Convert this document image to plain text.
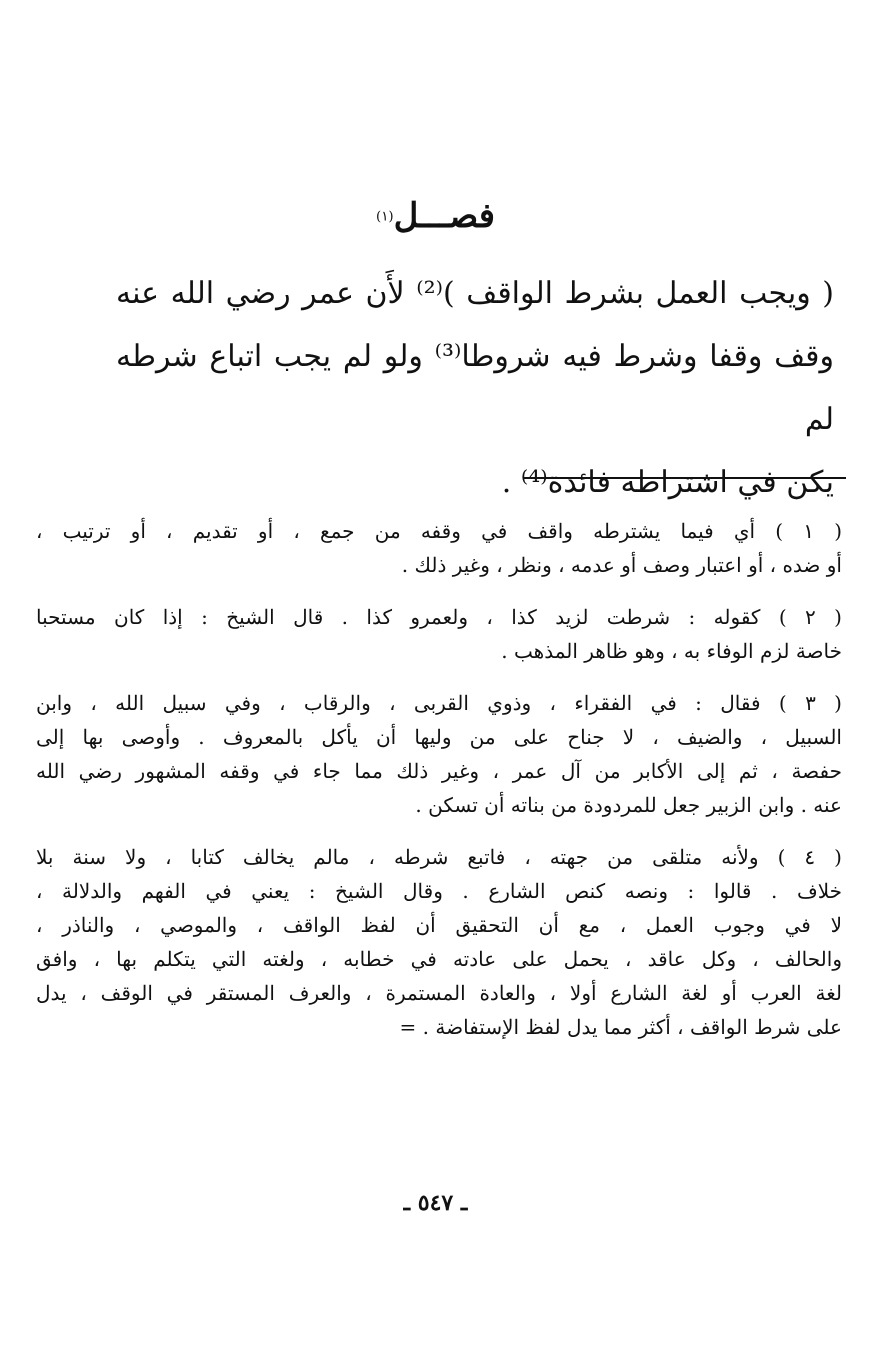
فصـــل$^{(١)}$
( ويجب العمل بشرط الواقف )⁽²⁾ لأَن عمر رضي الله عنه
وقف وقفا وشرط فيه شروطا⁽³⁾ ولو لم يجب اتباع شرطه لم
يكن في اشتراطه فائدة⁽⁴⁾ .
( ١ ) أي فيما يشترطه واقف في وقفه من جمع ، أو تقديم ، أو ترتيب ،
أو ضده ، أو اعتبار وصف أو عدمه ، ونظر ، وغير ذلك .
( ٢ ) كقوله : شرطت لزيد كذا ، ولعمرو كذا . قال الشيخ : إذا كان مستحبا
خاصة لزم الوفاء به ، وهو ظاهر المذهب .
( ٣ ) فقال : في الفقراء ، وذوي القربى ، والرقاب ، وفي سبيل الله ، وابن
السبيل ، والضيف ، لا جناح على من وليها أن يأكل بالمعروف . وأوصى بها إلى
حفصة ، ثم إلى الأكابر من آل عمر ، وغير ذلك مما جاء في وقفه المشهور رضي الله
عنه . وابن الزبير جعل للمردودة من بناته أن تسكن .
( ٤ ) ولأنه متلقى من جهته ، فاتبع شرطه ، مالم يخالف كتابا ، ولا سنة بلا
خلاف . قالوا : ونصه كنص الشارع . وقال الشيخ : يعني في الفهم والدلالة ،
لا في وجوب العمل ، مع أن التحقيق أن لفظ الواقف ، والموصي ، والناذر ،
والحالف ، وكل عاقد ، يحمل على عادته في خطابه ، ولغته التي يتكلم بها ، وافق
لغة العرب أو لغة الشارع أولا ، والعادة المستمرة ، والعرف المستقر في الوقف ، يدل
على شرط الواقف ، أكثر مما يدل لفظ الإستفاضة . =
ـ ٥٤٧ ـ
